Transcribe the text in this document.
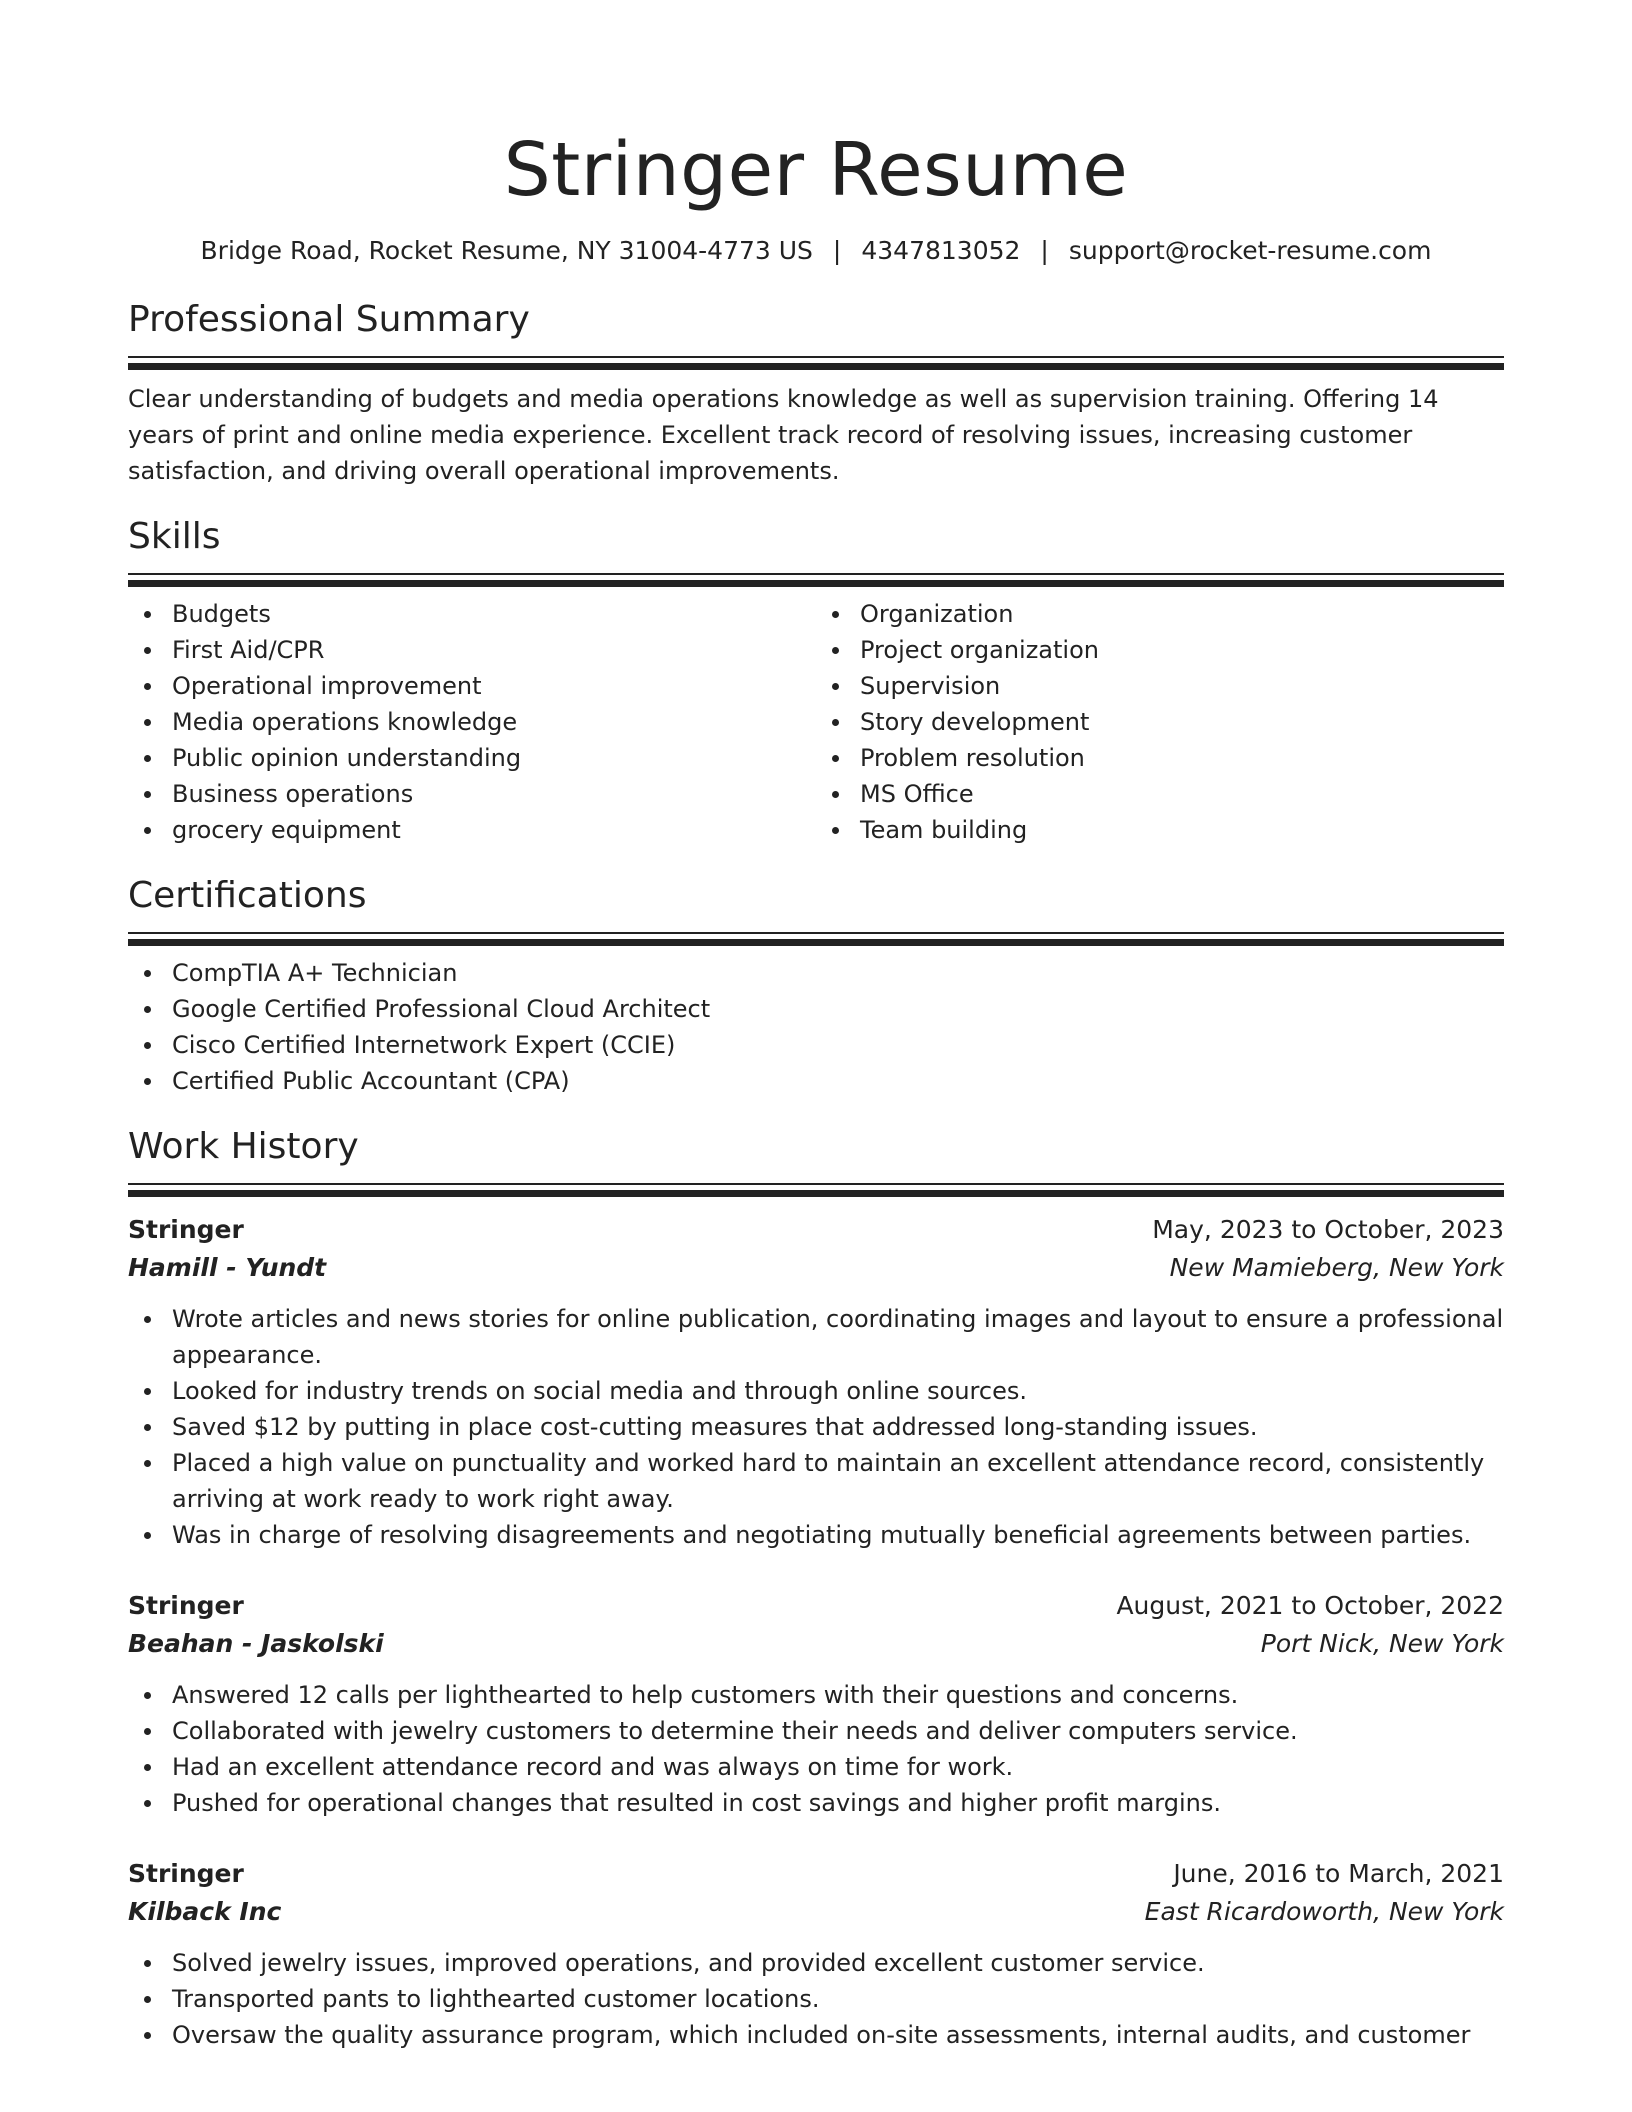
Stringer Resume
Bridge Road, Rocket Resume, NY 31004-4773 US | 4347813052 | support@rocket-resume.com
Professional Summary
Clear understanding of budgets and media operations knowledge as well as supervision training. Offering 14 years of print and online media experience. Excellent track record of resolving issues, increasing customer satisfaction, and driving overall operational improvements.
Skills
Budgets
First Aid/CPR
Operational improvement
Media operations knowledge
Public opinion understanding
Business operations
grocery equipment
Organization
Project organization
Supervision
Story development
Problem resolution
MS Office
Team building
Certifications
CompTIA A+ Technician
Google Certified Professional Cloud Architect
Cisco Certified Internetwork Expert (CCIE)
Certified Public Accountant (CPA)
Work History
Stringer	May, 2023 to October, 2023
Hamill - Yundt	New Mamieberg, New York
Wrote articles and news stories for online publication, coordinating images and layout to ensure a professional appearance.
Looked for industry trends on social media and through online sources.
Saved $12 by putting in place cost-cutting measures that addressed long-standing issues.
Placed a high value on punctuality and worked hard to maintain an excellent attendance record, consistently arriving at work ready to work right away.
Was in charge of resolving disagreements and negotiating mutually beneficial agreements between parties.
Stringer	August, 2021 to October, 2022
Beahan - Jaskolski	Port Nick, New York
Answered 12 calls per lighthearted to help customers with their questions and concerns.
Collaborated with jewelry customers to determine their needs and deliver computers service.
Had an excellent attendance record and was always on time for work.
Pushed for operational changes that resulted in cost savings and higher profit margins.
Stringer	June, 2016 to March, 2021
Kilback Inc	East Ricardoworth, New York
Solved jewelry issues, improved operations, and provided excellent customer service.
Transported pants to lighthearted customer locations.
Oversaw the quality assurance program, which included on-site assessments, internal audits, and customer
